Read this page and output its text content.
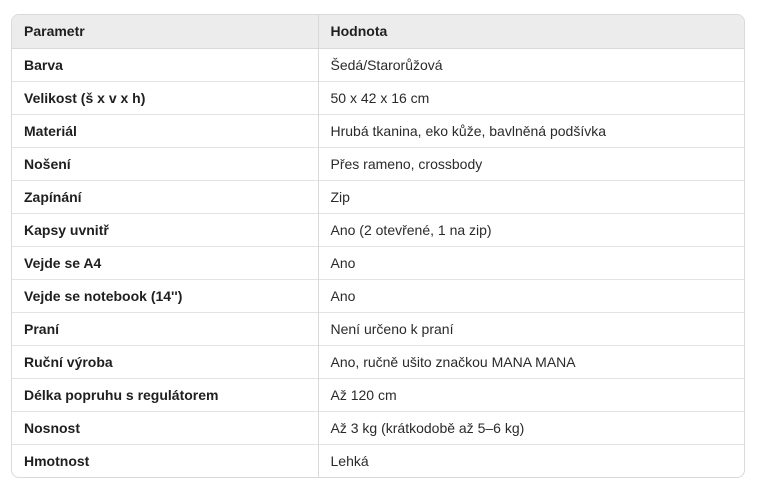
Parametr	Hodnota
Barva	Šedá/Starorůžová
Velikost (š x v x h)	50 x 42 x 16 cm
Materiál	Hrubá tkanina, eko kůže, bavlněná podšívka
Nošení	Přes rameno, crossbody
Zapínání	Zip
Kapsy uvnitř	Ano (2 otevřené, 1 na zip)
Vejde se A4	Ano
Vejde se notebook (14'')	Ano
Praní	Není určeno k praní
Ruční výroba	Ano, ručně ušito značkou MANA MANA
Délka popruhu s regulátorem	Až 120 cm
Nosnost	Až 3 kg (krátkodobě až 5–6 kg)
Hmotnost	Lehká
